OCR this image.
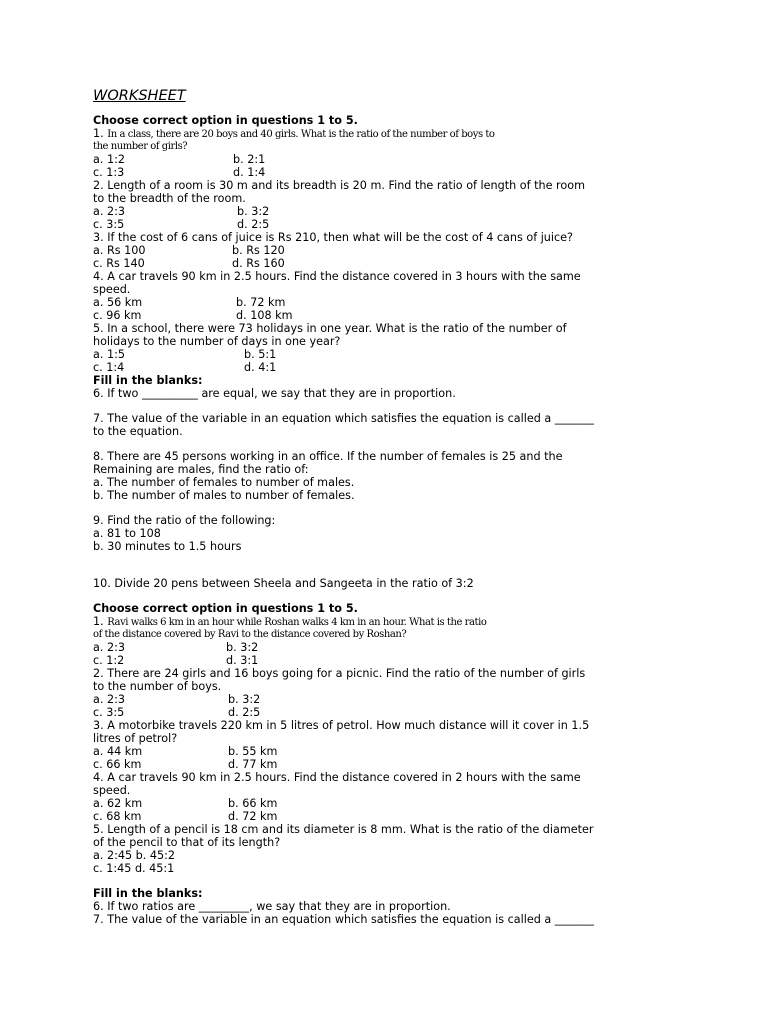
WORKSHEET
Choose correct option in questions 1 to 5.
1. In a class, there are 20 boys and 40 girls. What is the ratio of the number of boys to
the number of girls?
a. 1:2	b. 2:1
c. 1:3	d. 1:4
2. Length of a room is 30 m and its breadth is 20 m. Find the ratio of length of the room
to the breadth of the room.
a. 2:3	b. 3:2
c. 3:5	d. 2:5
3. If the cost of 6 cans of juice is Rs 210, then what will be the cost of 4 cans of juice?
a. Rs 100	b. Rs 120
c. Rs 140	d. Rs 160
4. A car travels 90 km in 2.5 hours. Find the distance covered in 3 hours with the same
speed.
a. 56 km	b. 72 km
c. 96 km	d. 108 km
5. In a school, there were 73 holidays in one year. What is the ratio of the number of
holidays to the number of days in one year?
a. 1:5	b. 5:1
c. 1:4	d. 4:1
Fill in the blanks:
6. If two __________ are equal, we say that they are in proportion.
7. The value of the variable in an equation which satisfies the equation is called a _______
to the equation.
8. There are 45 persons working in an office. If the number of females is 25 and the
Remaining are males, find the ratio of:
a. The number of females to number of males.
b. The number of males to number of females.
9. Find the ratio of the following:
a. 81 to 108
b. 30 minutes to 1.5 hours
10. Divide 20 pens between Sheela and Sangeeta in the ratio of 3:2
Choose correct option in questions 1 to 5.
1. Ravi walks 6 km in an hour while Roshan walks 4 km in an hour. What is the ratio
of the distance covered by Ravi to the distance covered by Roshan?
a. 2:3	b. 3:2
c. 1:2	d. 3:1
2. There are 24 girls and 16 boys going for a picnic. Find the ratio of the number of girls
to the number of boys.
a. 2:3	b. 3:2
c. 3:5	d. 2:5
3. A motorbike travels 220 km in 5 litres of petrol. How much distance will it cover in 1.5
litres of petrol?
a. 44 km	b. 55 km
c. 66 km	d. 77 km
4. A car travels 90 km in 2.5 hours. Find the distance covered in 2 hours with the same
speed.
a. 62 km	b. 66 km
c. 68 km	d. 72 km
5. Length of a pencil is 18 cm and its diameter is 8 mm. What is the ratio of the diameter
of the pencil to that of its length?
a. 2:45 b. 45:2
c. 1:45 d. 45:1
Fill in the blanks:
6. If two ratios are _________, we say that they are in proportion.
7. The value of the variable in an equation which satisfies the equation is called a _______
